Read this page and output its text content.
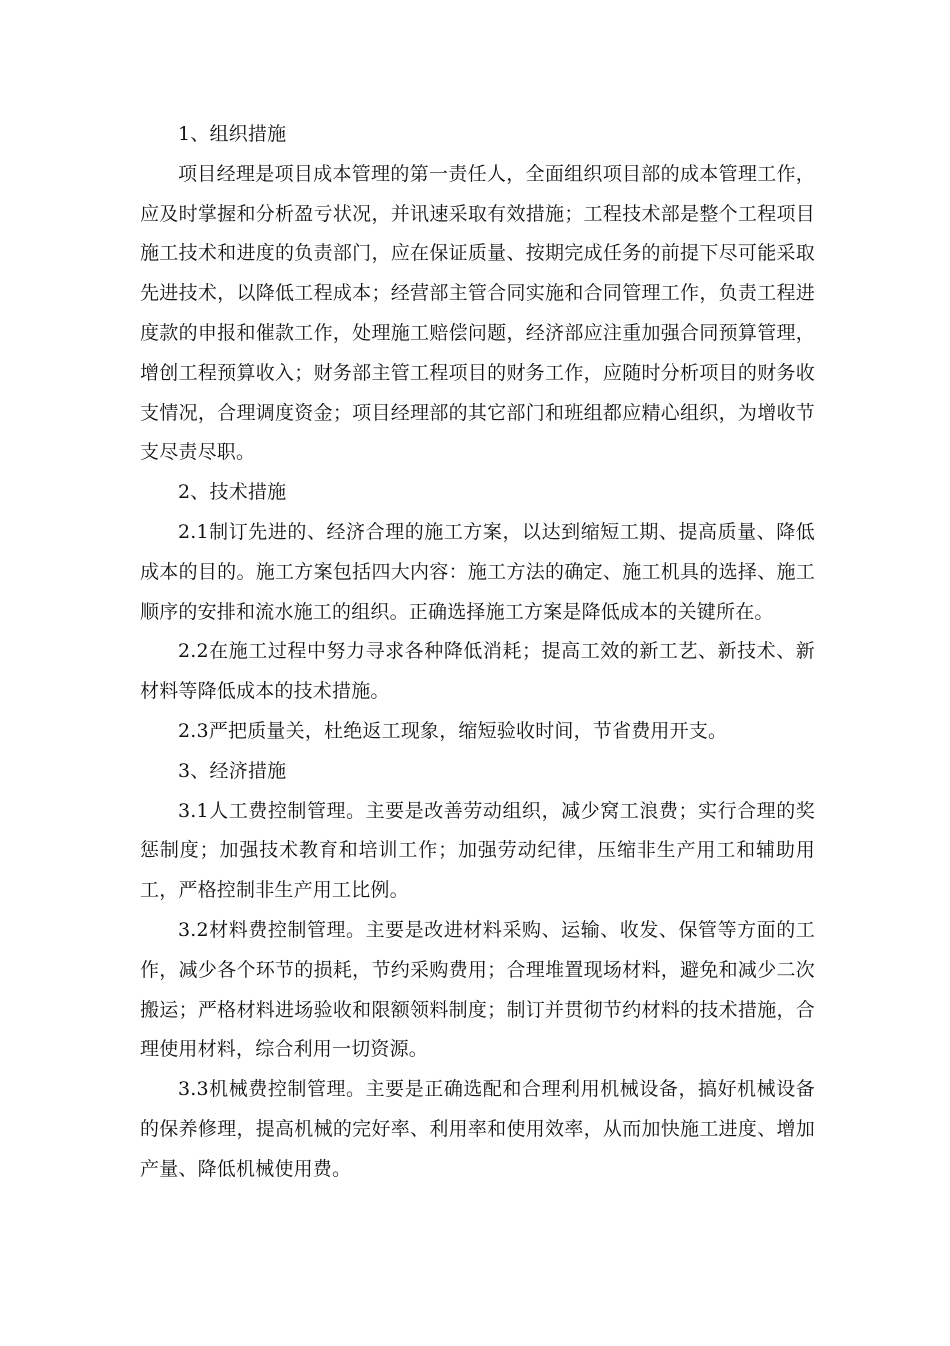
1、组织措施

项目经理是项目成本管理的第一责任人，全面组织项目部的成本管理工作，应及时掌握和分析盈亏状况，并讯速采取有效措施；工程技术部是整个工程项目施工技术和进度的负责部门，应在保证质量、按期完成任务的前提下尽可能采取先进技术，以降低工程成本；经营部主管合同实施和合同管理工作，负责工程进度款的申报和催款工作，处理施工赔偿问题，经济部应注重加强合同预算管理，增创工程预算收入；财务部主管工程项目的财务工作，应随时分析项目的财务收支情况，合理调度资金；项目经理部的其它部门和班组都应精心组织，为增收节支尽责尽职。

2、技术措施

2.1制订先进的、经济合理的施工方案，以达到缩短工期、提高质量、降低成本的目的。施工方案包括四大内容：施工方法的确定、施工机具的选择、施工顺序的安排和流水施工的组织。正确选择施工方案是降低成本的关键所在。

2.2在施工过程中努力寻求各种降低消耗；提高工效的新工艺、新技术、新材料等降低成本的技术措施。

2.3严把质量关，杜绝返工现象，缩短验收时间，节省费用开支。

3、经济措施

3.1人工费控制管理。主要是改善劳动组织，减少窝工浪费；实行合理的奖惩制度；加强技术教育和培训工作；加强劳动纪律，压缩非生产用工和辅助用工，严格控制非生产用工比例。

3.2材料费控制管理。主要是改进材料采购、运输、收发、保管等方面的工作，减少各个环节的损耗，节约采购费用；合理堆置现场材料，避免和减少二次搬运；严格材料进场验收和限额领料制度；制订并贯彻节约材料的技术措施，合理使用材料，综合利用一切资源。

3.3机械费控制管理。主要是正确选配和合理利用机械设备，搞好机械设备的保养修理，提高机械的完好率、利用率和使用效率，从而加快施工进度、增加产量、降低机械使用费。
